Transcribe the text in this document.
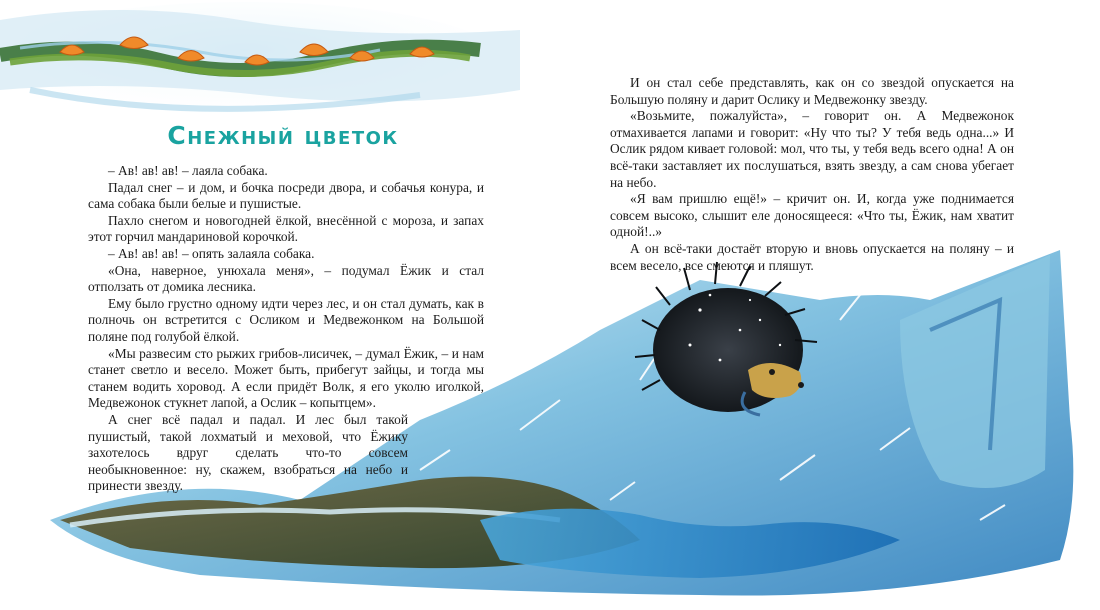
Снежный цветок

– Ав! ав! ав! – лаяла собака.

Падал снег – и дом, и бочка посреди двора, и собачья конура, и сама собака были белые и пушистые.

Пахло снегом и новогодней ёлкой, внесённой с мороза, и запах этот горчил мандариновой корочкой.

– Ав! ав! ав! – опять залаяла собака.

«Она, наверное, унюхала меня», – подумал Ёжик и стал отползать от домика лесника.

Ему было грустно одному идти через лес, и он стал думать, как в полночь он встретится с Осликом и Медвежонком на Большой поляне под голубой ёлкой.

«Мы развесим сто рыжих грибов-лисичек, – думал Ёжик, – и нам станет светло и весело. Может быть, прибегут зайцы, и тогда мы станем водить хоровод. А если придёт Волк, я его уколю иголкой, Медвежонок стукнет лапой, а Ослик – копытцем».

А снег всё падал и падал. И лес был такой пушистый, такой лохматый и меховой, что Ёжику захотелось вдруг сделать что-то совсем необыкновенное: ну, скажем, взобраться на небо и принести звезду.

И он стал себе представлять, как он со звездой опускается на Большую поляну и дарит Ослику и Медвежонку звезду.

«Возьмите, пожалуйста», – говорит он. А Медвежонок отмахивается лапами и говорит: «Ну что ты? У тебя ведь одна...» И Ослик рядом кивает головой: мол, что ты, у тебя ведь всего одна! А он всё-таки заставляет их послушаться, взять звезду, а сам снова убегает на небо.

«Я вам пришлю ещё!» – кричит он. И, когда уже поднимается совсем высоко, слышит еле доносящееся: «Что ты, Ёжик, нам хватит одной!..»

А он всё-таки достаёт вторую и вновь опускается на поляну – и всем весело, все смеются и пляшут.
